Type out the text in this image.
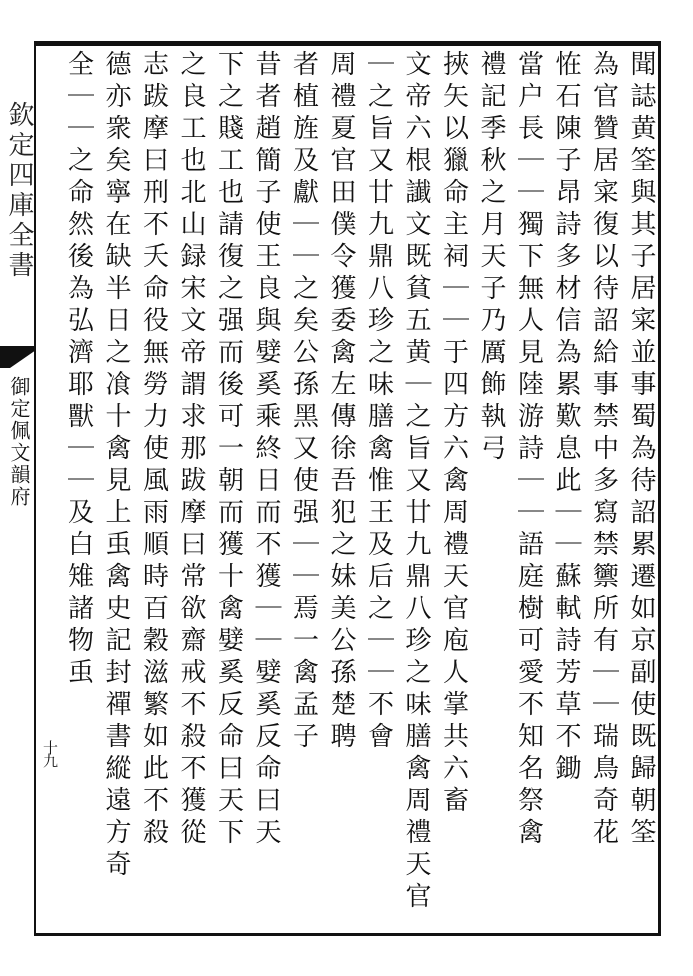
欽定四庫全書
御定佩文韻府
十九	聞誌黄筌與其子居寀並事蜀為待詔累遷如京副使既歸朝筌
為官贊居寀復以待詔給事禁中多寫禁籞所有｜｜瑞鳥奇花
恠石陳子昂詩多材信為累歎息此｜｜蘇軾詩芳草不鋤
當户長｜｜獨下無人見陸游詩｜｜語庭樹可愛不知名祭禽
禮記季秋之月天子乃厲飾執弓
挾矢以獵命主祠｜｜于四方六禽周禮天官庖人掌共六畜
文帝六根䜟文既貧五黄｜之旨又廿九鼎八珍之味膳禽周禮天官
｜之旨又廿九鼎八珍之味膳禽惟王及后之｜｜不會
周禮夏官田僕令獲委禽左傳徐吾犯之妹美公孫楚聘
者植旌及獻｜｜之矣公孫黑又使强｜｜焉一禽孟子
昔者趙簡子使王良與嬖奚乘終日而不獲｜｜嬖奚反命曰天
下之賤工也請復之强而後可一朝而獲十禽嬖奚反命曰天下
之良工也北山録宋文帝謂求那跋摩曰常欲齋戒不殺不獲從
志跋摩曰刑不夭命役無勞力使風雨順時百穀滋繁如此不殺
德亦衆矣寧在缺半日之飡十禽見上䖝禽史記封禪書縱遠方奇
全｜｜之命然後為弘濟耶獸｜｜及白雉諸物䖝
